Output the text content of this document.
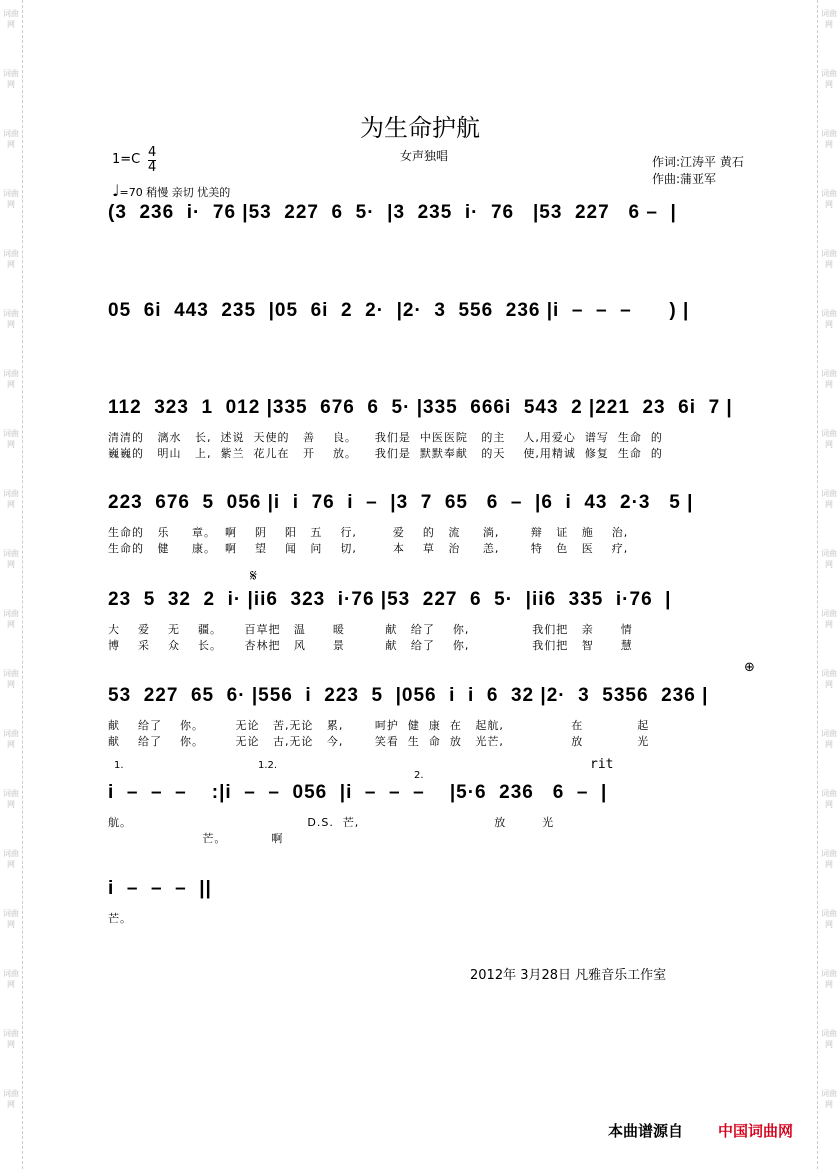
词曲网
词曲网
词曲网
词曲网
词曲网
词曲网
词曲网
词曲网
词曲网
词曲网
词曲网
词曲网
词曲网
词曲网
词曲网
词曲网
词曲网
词曲网
词曲网
词曲网
词曲网
词曲网
词曲网
词曲网
词曲网
词曲网
词曲网
词曲网
词曲网
词曲网
词曲网
词曲网
词曲网
词曲网
词曲网
词曲网
词曲网
词曲网
为生命护航
女声独唱	作词:江涛平 黄石
作曲:蒲亚军
$1=C \frac{4}{4}$
♩=70 稍慢 亲切 忧美的
(3  236  i·  76 |53  227  6  5·  |3  235  i·  76   |53  227   6 –  |
05  6i  443  235  |05  6i  2  2·  |2·  3  556  236 |i  –  –  –      ) |
112  323  1  012 |335  676  6  5· |335  666i  543  2 |221  23  6i  7 |
清清的   漓水   长,  述说  天使的   善    良。    我们是  中医医院   的主    人,用爱心  谱写  生命  的
巍巍的   明山   上,  紫兰  花儿在   开    放。    我们是  默默奉献   的天    使,用精诚  修复  生命  的
223  676  5  056 |i  i  76  i  –  |3  7  65   6  –  |6  i  43  2·3   5 |
生命的   乐     章。  啊    阴    阳   五    行,        爱    的   流     淌,       辩   证   施    治,
生命的   健     康。  啊    望    闻   问    切,        本    草   治     恙,       特   色   医    疗,
23  5  32  2  i· |ii6  323  i·76 |53  227  6  5·  |ii6  335  i·76  |
大    爱    无    疆。     百草把   温      暖         献   给了    你,              我们把   亲      情
博    采    众    长。     杏林把   风      景         献   给了    你,              我们把   智      慧
53  227  65  6· |556  i  223  5  |056  i  i  6  32 |2·  3  5356  236 |
献    给了    你。       无论   苦,无论   累,       呵护  健  康  在   起航,               在            起
献    给了    你。       无论   古,无论   今,       笑看  生  命  放   光芒,               放            光
i  –  –  –    :|i  –  –  056  |i  –  –  –    |5·6  236   6  –  |
航。                                       D.S.  芒,                              放        光
芒。          啊
i  –  –  –  ||
芒。
1.	1.2.
2.
rit
𝄋
⊕
2012年 3月28日 凡雅音乐工作室
本曲谱源自 中国词曲网
